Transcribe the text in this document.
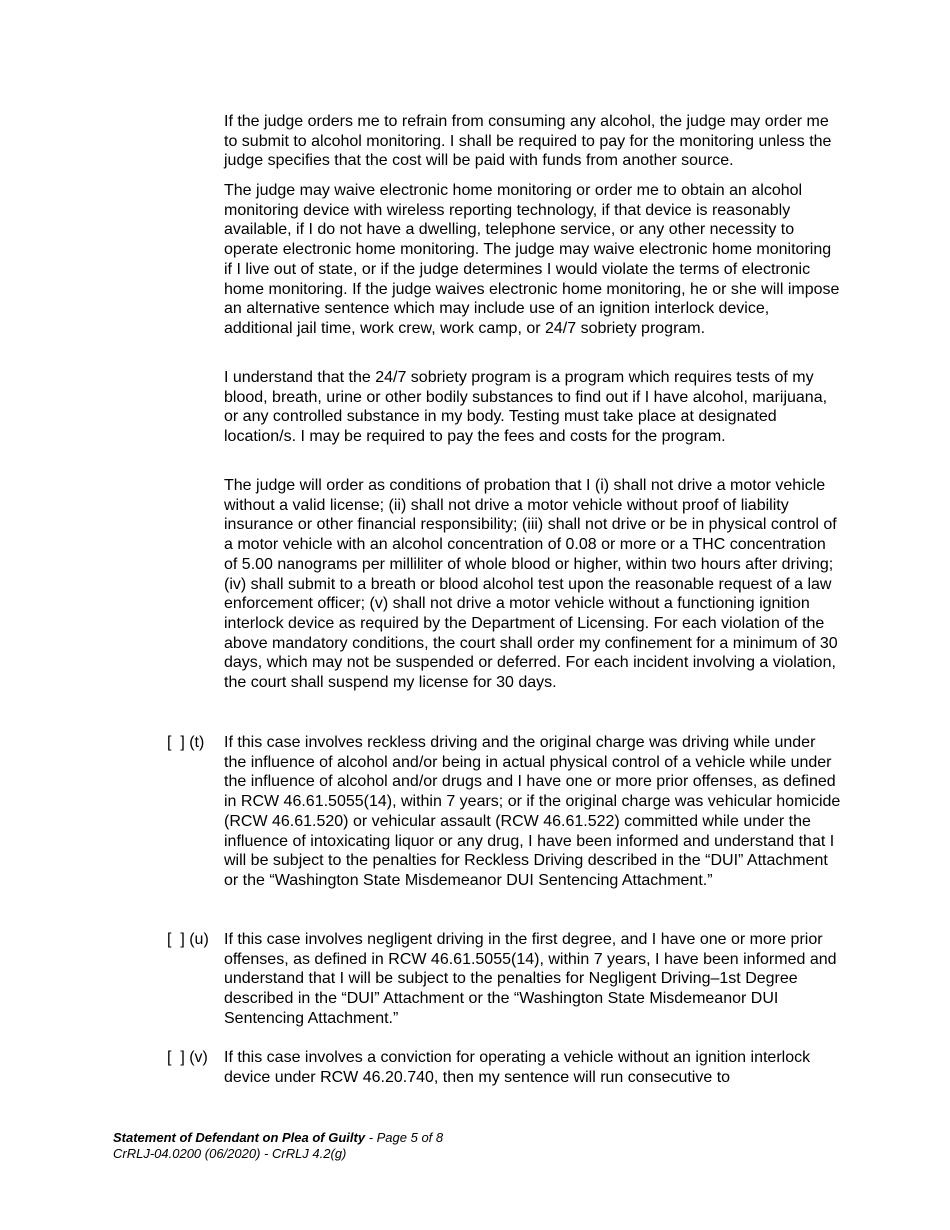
If the judge orders me to refrain from consuming any alcohol, the judge may order me to submit to alcohol monitoring. I shall be required to pay for the monitoring unless the judge specifies that the cost will be paid with funds from another source.

The judge may waive electronic home monitoring or order me to obtain an alcohol monitoring device with wireless reporting technology, if that device is reasonably available, if I do not have a dwelling, telephone service, or any other necessity to operate electronic home monitoring. The judge may waive electronic home monitoring if I live out of state, or if the judge determines I would violate the terms of electronic home monitoring. If the judge waives electronic home monitoring, he or she will impose an alternative sentence which may include use of an ignition interlock device, additional jail time, work crew, work camp, or 24/7 sobriety program.

I understand that the 24/7 sobriety program is a program which requires tests of my blood, breath, urine or other bodily substances to find out if I have alcohol, marijuana, or any controlled substance in my body. Testing must take place at designated location/s. I may be required to pay the fees and costs for the program.

The judge will order as conditions of probation that I (i) shall not drive a motor vehicle without a valid license; (ii) shall not drive a motor vehicle without proof of liability insurance or other financial responsibility; (iii) shall not drive or be in physical control of a motor vehicle with an alcohol concentration of 0.08 or more or a THC concentration of 5.00 nanograms per milliliter of whole blood or higher, within two hours after driving; (iv) shall submit to a breath or blood alcohol test upon the reasonable request of a law enforcement officer; (v) shall not drive a motor vehicle without a functioning ignition interlock device as required by the Department of Licensing. For each violation of the above mandatory conditions, the court shall order my confinement for a minimum of 30 days, which may not be suspended or deferred. For each incident involving a violation, the court shall suspend my license for 30 days.

[  ] (t) If this case involves reckless driving and the original charge was driving while under the influence of alcohol and/or being in actual physical control of a vehicle while under the influence of alcohol and/or drugs and I have one or more prior offenses, as defined in RCW 46.61.5055(14), within 7 years; or if the original charge was vehicular homicide (RCW 46.61.520) or vehicular assault (RCW 46.61.522) committed while under the influence of intoxicating liquor or any drug, I have been informed and understand that I will be subject to the penalties for Reckless Driving described in the “DUI” Attachment or the “Washington State Misdemeanor DUI Sentencing Attachment.”

[  ] (u) If this case involves negligent driving in the first degree, and I have one or more prior offenses, as defined in RCW 46.61.5055(14), within 7 years, I have been informed and understand that I will be subject to the penalties for Negligent Driving–1st Degree described in the “DUI” Attachment or the “Washington State Misdemeanor DUI Sentencing Attachment.”

[  ] (v) If this case involves a conviction for operating a vehicle without an ignition interlock device under RCW 46.20.740, then my sentence will run consecutive to

Statement of Defendant on Plea of Guilty - Page 5 of 8
CrRLJ-04.0200 (06/2020) - CrRLJ 4.2(g)
